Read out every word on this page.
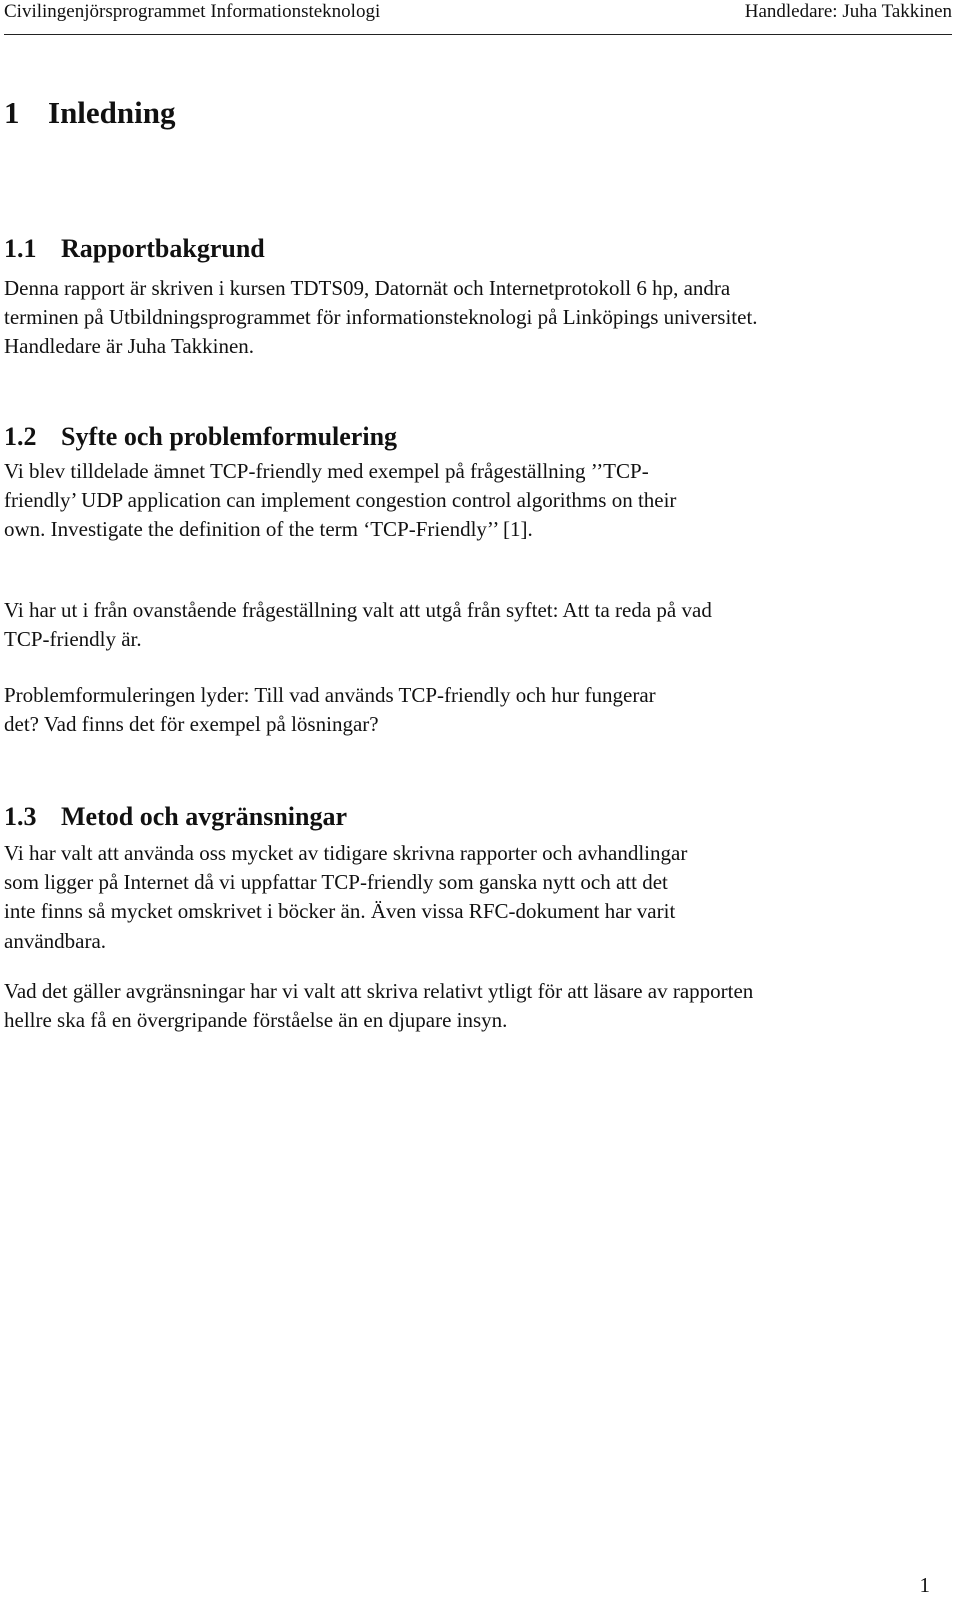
Civilingenjörsprogrammet Informationsteknologi	Handledare: Juha Takkinen
1 Inledning
1.1 Rapportbakgrund

Denna rapport är skriven i kursen TDTS09, Datornät och Internetprotokoll 6 hp, andra terminen på Utbildningsprogrammet för informationsteknologi på Linköpings universitet. Handledare är Juha Takkinen.

1.2 Syfte och problemformulering

Vi blev tilldelade ämnet TCP-friendly med exempel på frågeställning ’’TCP-friendly’ UDP application can implement congestion control algorithms on their own. Investigate the definition of the term ‘TCP-Friendly’’ [1].

Vi har ut i från ovanstående frågeställning valt att utgå från syftet: Att ta reda på vad TCP-friendly är.

Problemformuleringen lyder: Till vad används TCP-friendly och hur fungerar det? Vad finns det för exempel på lösningar?

1.3 Metod och avgränsningar

Vi har valt att använda oss mycket av tidigare skrivna rapporter och avhandlingar som ligger på Internet då vi uppfattar TCP-friendly som ganska nytt och att det inte finns så mycket omskrivet i böcker än. Även vissa RFC-dokument har varit användbara.

Vad det gäller avgränsningar har vi valt att skriva relativt ytligt för att läsare av rapporten hellre ska få en övergripande förståelse än en djupare insyn.

1
